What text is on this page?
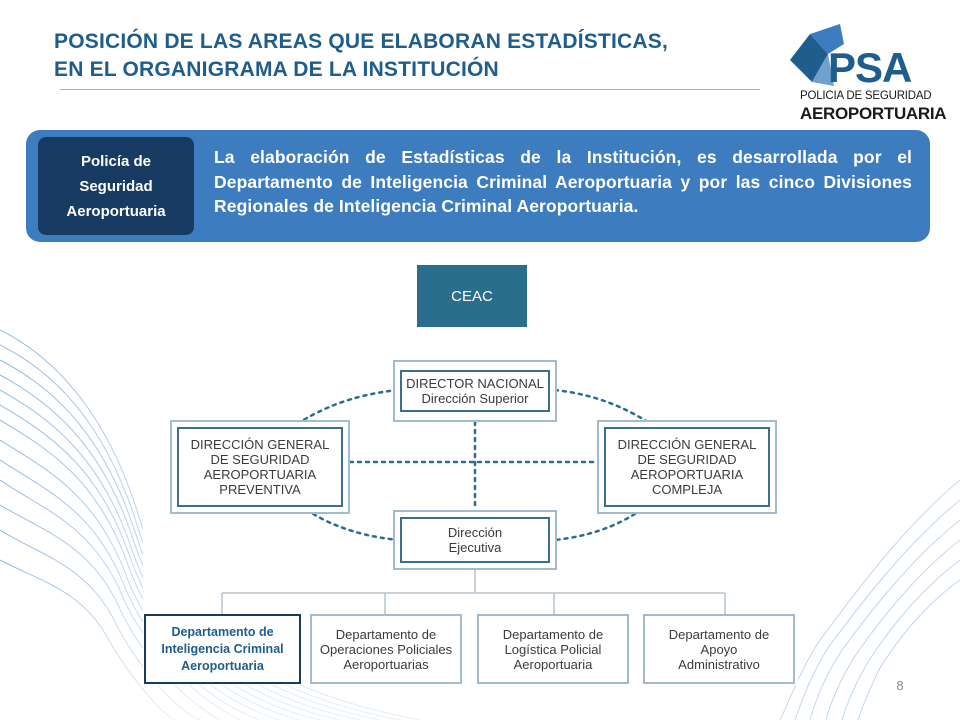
POSICIÓN DE LAS AREAS QUE ELABORAN ESTADÍSTICAS,
EN EL ORGANIGRAMA DE LA INSTITUCIÓN	PSA
POLICIA DE SEGURIDAD
AEROPORTUARIA
Policía de Seguridad Aeroportuaria
La elaboración de Estadísticas de la Institución, es desarrollada por el Departamento de Inteligencia Criminal Aeroportuaria y por las cinco Divisiones Regionales de Inteligencia Criminal Aeroportuaria.
CEAC
DIRECTOR NACIONAL
Dirección Superior
DIRECCIÓN GENERAL
DE SEGURIDAD
AEROPORTUARIA
PREVENTIVA
DIRECCIÓN GENERAL
DE SEGURIDAD
AEROPORTUARIA
COMPLEJA
Dirección
Ejecutiva
Departamento de
Inteligencia Criminal
Aeroportuaria
Departamento de
Operaciones Policiales
Aeroportuarias
Departamento de
Logística Policial
Aeroportuaria
Departamento de
Apoyo
Administrativo
8
